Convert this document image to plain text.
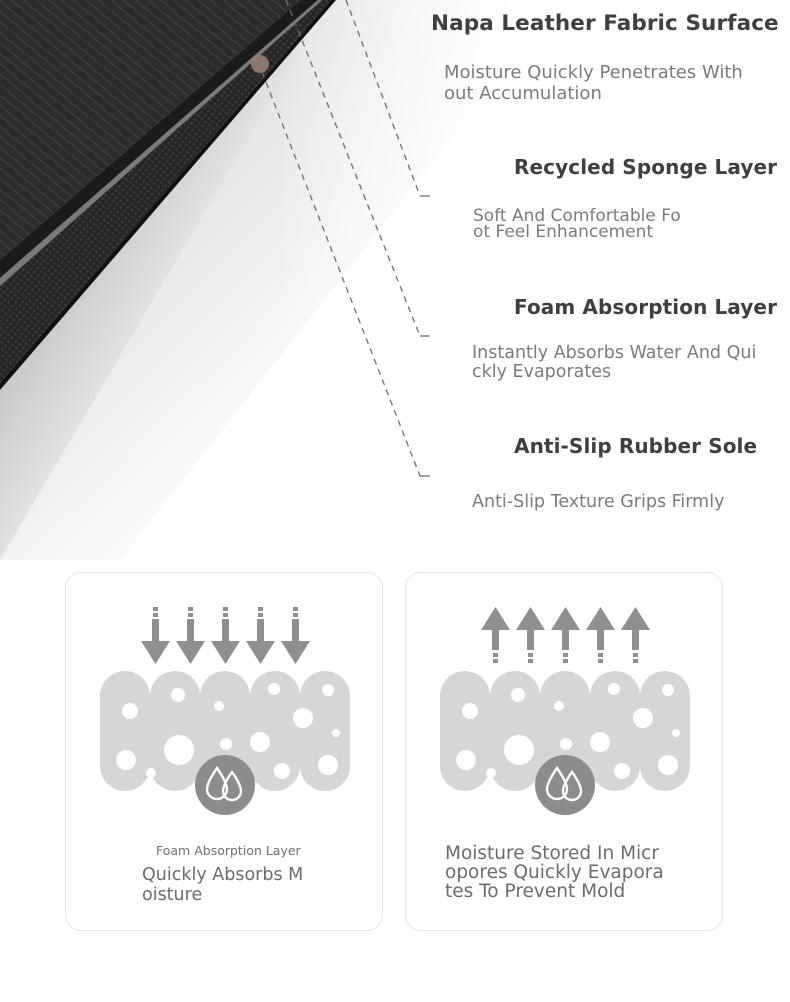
Napa Leather Fabric Surface
Moisture Quickly Penetrates Without Accumulation
Recycled Sponge Layer
Soft And Comfortable Foot Feel Enhancement
Foam Absorption Layer
Instantly Absorbs Water And Quickly Evaporates
Anti-Slip Rubber Sole
Anti-Slip Texture Grips Firmly
Foam Absorption Layer
Quickly Absorbs Moisture
Moisture Stored In Micropores Quickly Evaporates To Prevent Mold
